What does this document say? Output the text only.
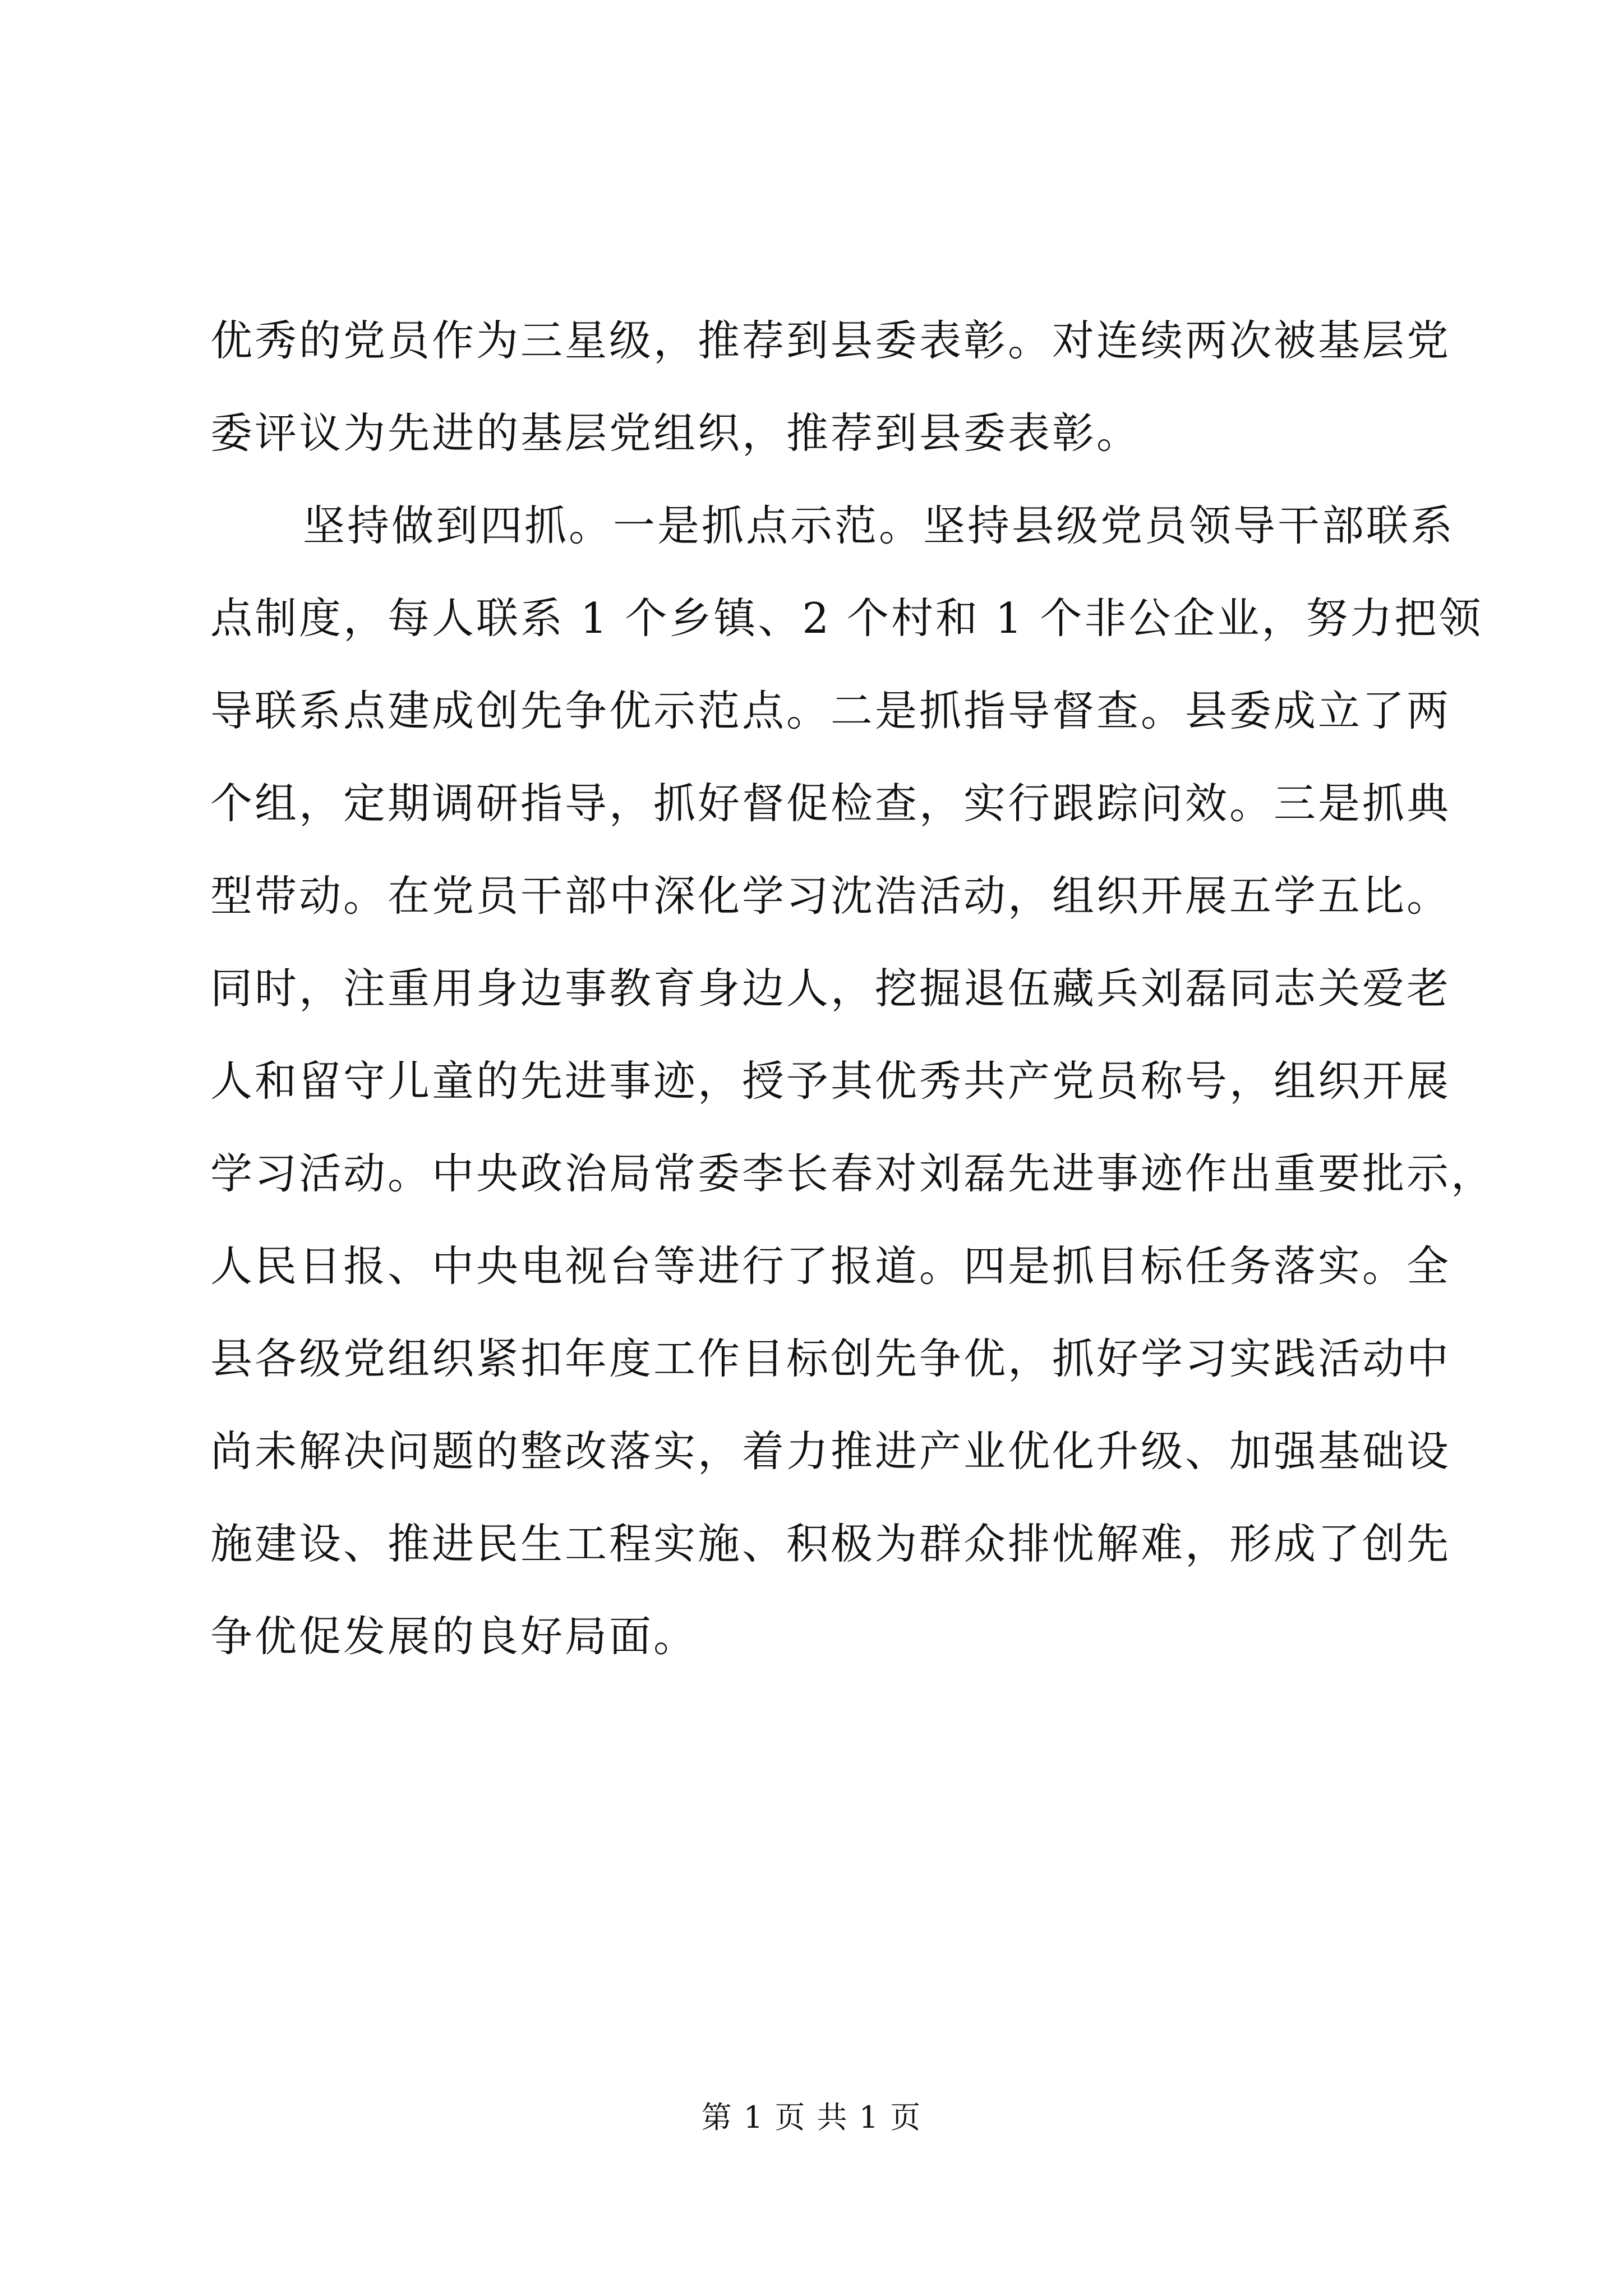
优秀的党员作为三星级，推荐到县委表彰。对连续两次被基层党

委评议为先进的基层党组织，推荐到县委表彰。

坚持做到四抓。一是抓点示范。坚持县级党员领导干部联系

点制度，每人联系 1 个乡镇、2 个村和 1 个非公企业，努力把领

导联系点建成创先争优示范点。二是抓指导督查。县委成立了两

个组，定期调研指导，抓好督促检查，实行跟踪问效。三是抓典

型带动。在党员干部中深化学习沈浩活动，组织开展五学五比。

同时，注重用身边事教育身边人，挖掘退伍藏兵刘磊同志关爱老

人和留守儿童的先进事迹，授予其优秀共产党员称号，组织开展

学习活动。中央政治局常委李长春对刘磊先进事迹作出重要批示，

人民日报、中央电视台等进行了报道。四是抓目标任务落实。全

县各级党组织紧扣年度工作目标创先争优，抓好学习实践活动中

尚未解决问题的整改落实，着力推进产业优化升级、加强基础设

施建设、推进民生工程实施、积极为群众排忧解难，形成了创先

争优促发展的良好局面。

第 1 页 共 1 页
